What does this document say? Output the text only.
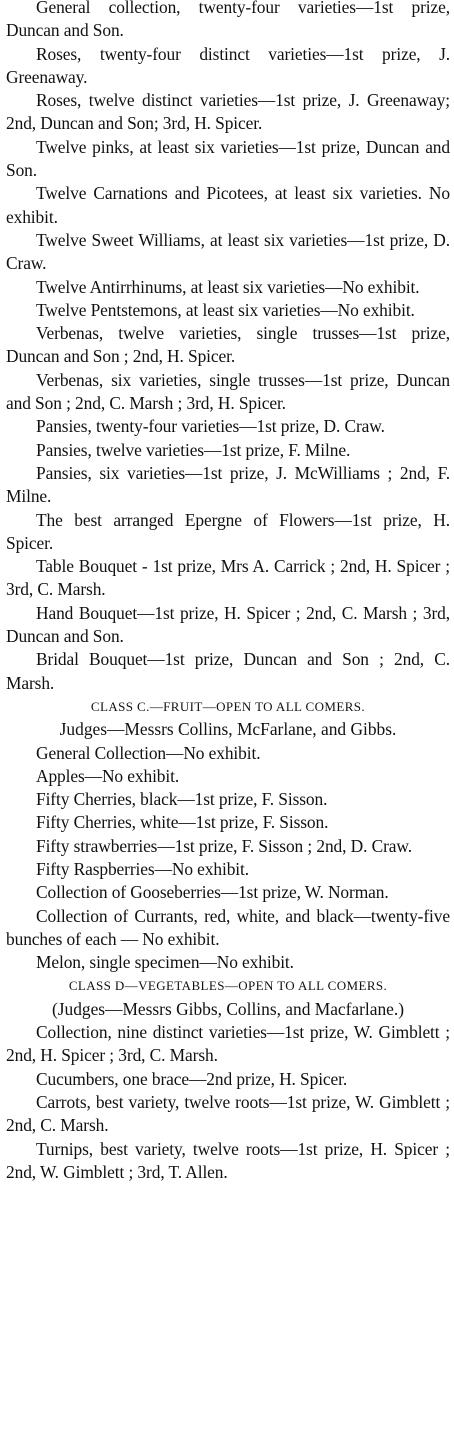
General collection, twenty-four varieties—1st prize, Duncan and Son.

Roses, twenty-four distinct varieties—1st prize, J. Greenaway.

Roses, twelve distinct varieties—1st prize, J. Greenaway; 2nd, Duncan and Son; 3rd, H. Spicer.

Twelve pinks, at least six varieties—1st prize, Duncan and Son.

Twelve Carnations and Picotees, at least six varieties. No exhibit.

Twelve Sweet Williams, at least six varieties—1st prize, D. Craw.

Twelve Antirrhinums, at least six varieties—No exhibit.

Twelve Pentstemons, at least six varieties—No exhibit.

Verbenas, twelve varieties, single trusses—1st prize, Duncan and Son ; 2nd, H. Spicer.

Verbenas, six varieties, single trusses—1st prize, Duncan and Son ; 2nd, C. Marsh ; 3rd, H. Spicer.

Pansies, twenty-four varieties—1st prize, D. Craw.

Pansies, twelve varieties—1st prize, F. Milne.

Pansies, six varieties—1st prize, J. McWilliams ; 2nd, F. Milne.

The best arranged Epergne of Flowers—1st prize, H. Spicer.

Table Bouquet - 1st prize, Mrs A. Carrick ; 2nd, H. Spicer ; 3rd, C. Marsh.

Hand Bouquet—1st prize, H. Spicer ; 2nd, C. Marsh ; 3rd, Duncan and Son.

Bridal Bouquet—1st prize, Duncan and Son ; 2nd, C. Marsh.

CLASS C.—FRUIT—OPEN TO ALL COMERS.

Judges—Messrs Collins, McFarlane, and Gibbs.

General Collection—No exhibit.

Apples—No exhibit.

Fifty Cherries, black—1st prize, F. Sisson.

Fifty Cherries, white—1st prize, F. Sisson.

Fifty strawberries—1st prize, F. Sisson ; 2nd, D. Craw.

Fifty Raspberries—No exhibit.

Collection of Gooseberries—1st prize, W. Norman.

Collection of Currants, red, white, and black—twenty-five bunches of each — No exhibit.

Melon, single specimen—No exhibit.

CLASS D—VEGETABLES—OPEN TO ALL COMERS.

(Judges—Messrs Gibbs, Collins, and Macfarlane.)

Collection, nine distinct varieties—1st prize, W. Gimblett ; 2nd, H. Spicer ; 3rd, C. Marsh.

Cucumbers, one brace—2nd prize, H. Spicer.

Carrots, best variety, twelve roots—1st prize, W. Gimblett ; 2nd, C. Marsh.

Turnips, best variety, twelve roots—1st prize, H. Spicer ; 2nd, W. Gimblett ; 3rd, T. Allen.
